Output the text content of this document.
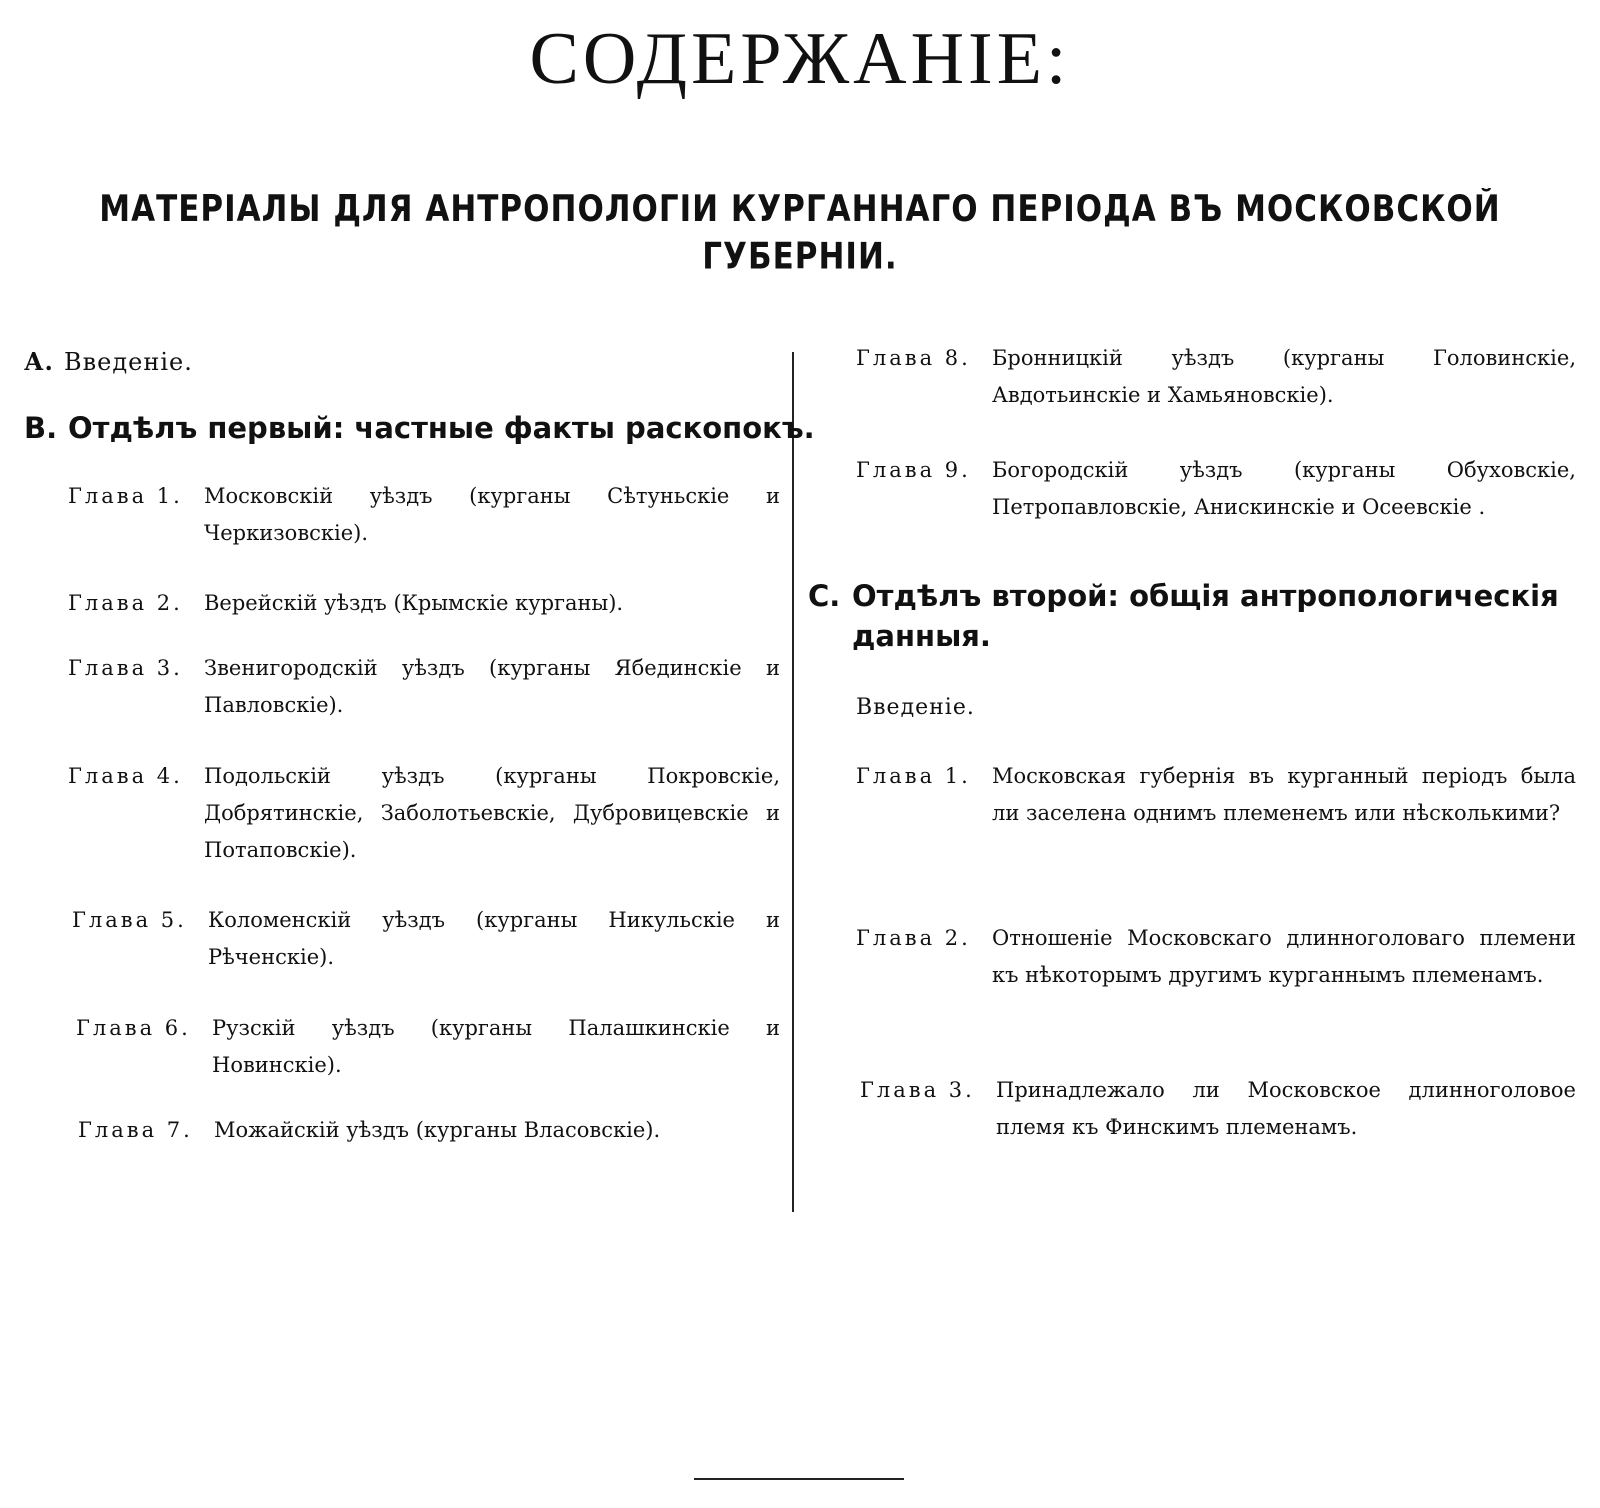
СОДЕРЖАНІЕ:
МАТЕРІАЛЫ ДЛЯ АНТРОПОЛОГІИ КУРГАННАГО ПЕРІОДА ВЪ МОСКОВСКОЙ ГУБЕРНІИ.
А. Введеніе.
В. Отдѣлъ первый: частные факты раскопокъ.
Глава 1. Московскій уѣздъ (курганы Сѣтуньскіе и Черкизовскіе).
Глава 2. Верейскій уѣздъ (Крымскіе курганы).
Глава 3. Звенигородскій уѣздъ (курганы Ябединскіе и Павловскіе).
Глава 4. Подольскій уѣздъ (курганы Покровскіе, Добрятинскіе, Заболотьевскіе, Дубровицевскіе и Потаповскіе).
Глава 5. Коломенскій уѣздъ (курганы Никульскіе и Рѣченскіе).
Глава 6. Рузскій уѣздъ (курганы Палашкинскіе и Новинскіе).
Глава 7. Можайскій уѣздъ (курганы Власовскіе).
Глава 8. Бронницкій уѣздъ (курганы Головинскіе, Авдотьинскіе и Хамьяновскіе).
Глава 9. Богородскій уѣздъ (курганы Обуховскіе, Петропавловскіе, Анискинскіе и Осеевскіе .
С. Отдѣлъ второй: общія антропологическія данныя.
Введеніе.
Глава 1. Московская губернія въ курганный періодъ была ли заселена однимъ племенемъ или нѣсколькими?
Глава 2. Отношеніе Московскаго длинноголоваго племени къ нѣкоторымъ другимъ курганнымъ племенамъ.
Глава 3. Принадлежало ли Московское длинноголовое племя къ Финскимъ племенамъ.
